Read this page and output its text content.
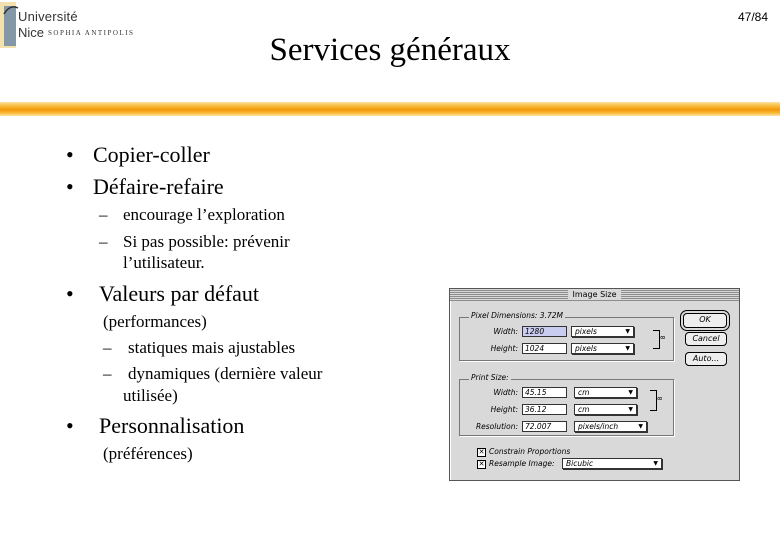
Université
Nice SOPHIA ANTIPOLIS
47/84
Services généraux
• Copier-coller
• Défaire-refaire
– encourage l’exploration
– Si pas possible: prévenir
l’utilisateur.
• Valeurs par défaut
(performances)
– statiques mais ajustables
– dynamiques (dernière valeur
utilisée)
• Personnalisation
(préférences)
Image Size
Pixel Dimensions: 3.72M
Width: 1280	pixels	▼
Height: 1024	pixels	▼
8
Print Size:
Width: 45.15	cm	▼
Height: 36.12	cm	▼
Resolution: 72.007	pixels/inch	▼
8
OK
Cancel
Auto...
✕ Constrain Proportions
✕ Resample Image:	Bicubic	▼
